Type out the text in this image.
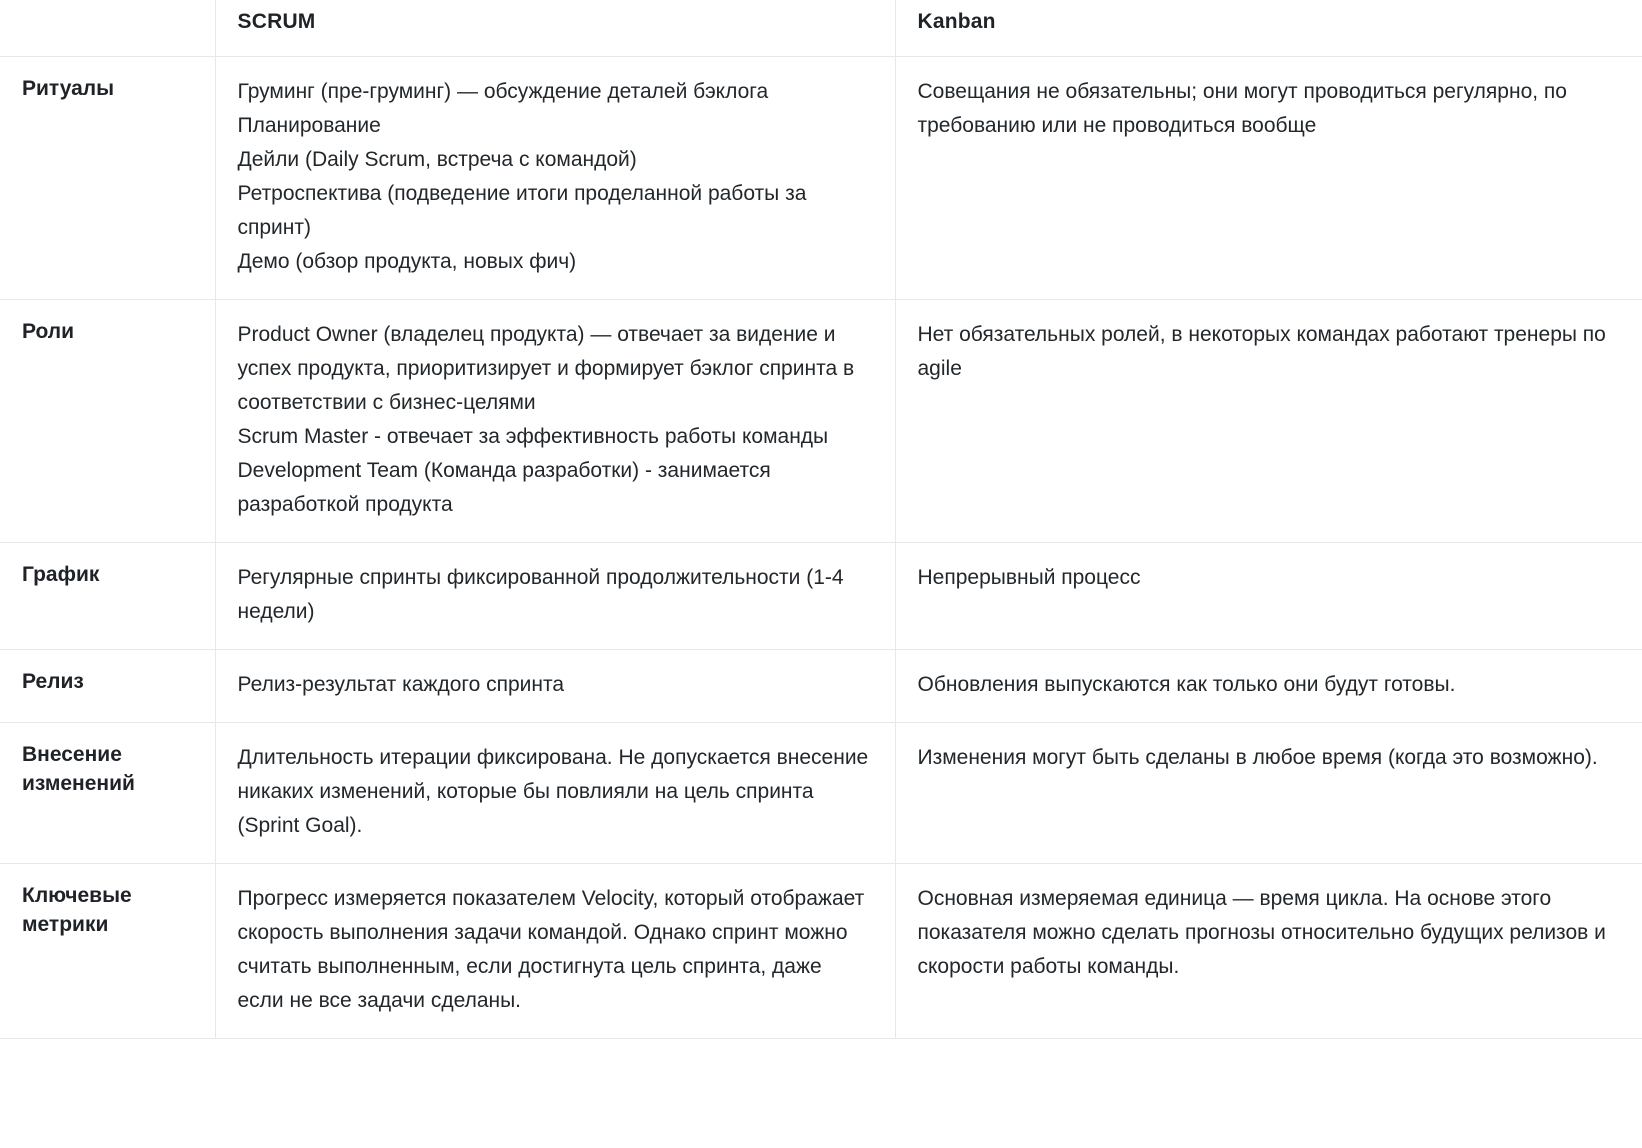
	SCRUM	Kanban
Ритуалы	Груминг (пре-груминг) — обсуждение деталей бэклога
Планирование
Дейли (Daily Scrum, встреча с командой)
Ретроспектива (подведение итоги проделанной работы за спринт)
Демо (обзор продукта, новых фич)	Совещания не обязательны; они могут проводиться регулярно, по требованию или не проводиться вообще

Роли	Product Owner (владелец продукта) — отвечает за видение и успех продукта, приоритизирует и формирует бэклог спринта в соответствии с бизнес-целями
Scrum Master - отвечает за эффективность работы команды
Development Team (Команда разработки) - занимается разработкой продукта	Нет обязательных ролей, в некоторых командах работают тренеры по agile

График	Регулярные спринты фиксированной продолжительности (1-4 недели)	Непрерывный процесс

Релиз	Релиз-результат каждого спринта	Обновления выпускаются как только они будут готовы.

Внесение изменений	Длительность итерации фиксирована. Не допускается внесение никаких изменений, которые бы повлияли на цель спринта (Sprint Goal).	Изменения могут быть сделаны в любое время (когда это возможно).

Ключевые метрики	Прогресс измеряется показателем Velocity, который отображает скорость выполнения задачи командой. Однако спринт можно считать выполненным, если достигнута цель спринта, даже если не все задачи сделаны.	Основная измеряемая единица — время цикла. На основе этого показателя можно сделать прогнозы относительно будущих релизов и скорости работы команды.
